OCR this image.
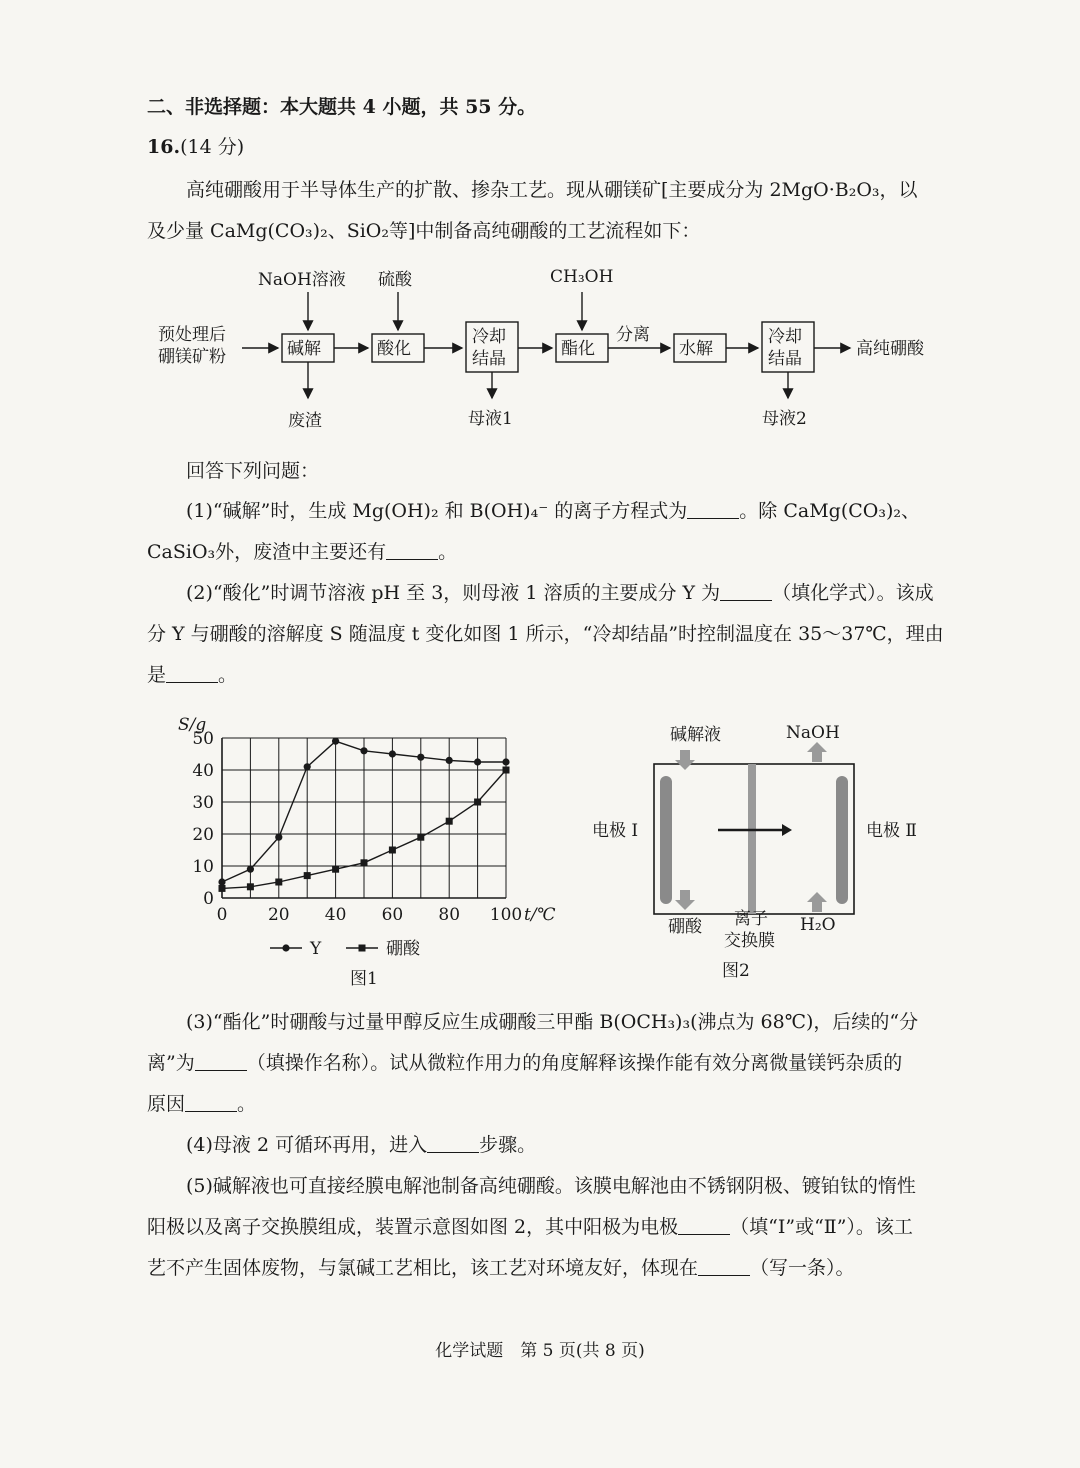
二、非选择题：本大题共 4 小题，共 55 分。
16.(14 分)
高纯硼酸用于半导体生产的扩散、掺杂工艺。现从硼镁矿[主要成分为 2MgO·B₂O₃，以
及少量 CaMg(CO₃)₂、SiO₂等]中制备高纯硼酸的工艺流程如下：
预处理后
硼镁矿粉
NaOH溶液
碱解
废渣
硫酸
酸化
冷却
结晶
母液1
CH₃OH
酯化
分离
水解
冷却
结晶
母液2
高纯硼酸
回答下列问题：
(1)“碱解”时，生成 Mg(OH)₂ 和 B(OH)₄⁻ 的离子方程式为	。除 CaMg(CO₃)₂、
CaSiO₃外，废渣中主要还有	。
(2)“酸化”时调节溶液 pH 至 3，则母液 1 溶质的主要成分 Y 为	（填化学式）。该成
分 Y 与硼酸的溶解度 S 随温度 t 变化如图 1 所示，“冷却结晶”时控制温度在 35～37℃，理由
是	。
0
10
20
30
40
50
0 20 40 60 80 100
S/g
t/℃
Y	硼酸
图1
碱解液	NaOH
电极 Ⅰ	电极 Ⅱ
硼酸 离子
交换膜
H₂O
图2
(3)“酯化”时硼酸与过量甲醇反应生成硼酸三甲酯 B(OCH₃)₃(沸点为 68℃)，后续的“分
离”为	（填操作名称）。试从微粒作用力的角度解释该操作能有效分离微量镁钙杂质的
原因	。
(4)母液 2 可循环再用，进入	步骤。
(5)碱解液也可直接经膜电解池制备高纯硼酸。该膜电解池由不锈钢阴极、镀铂钛的惰性
阳极以及离子交换膜组成，装置示意图如图 2，其中阳极为电极	（填“Ⅰ”或“Ⅱ”）。该工
艺不产生固体废物，与氯碱工艺相比，该工艺对环境友好，体现在	（写一条）。
化学试题　第 5 页(共 8 页)
